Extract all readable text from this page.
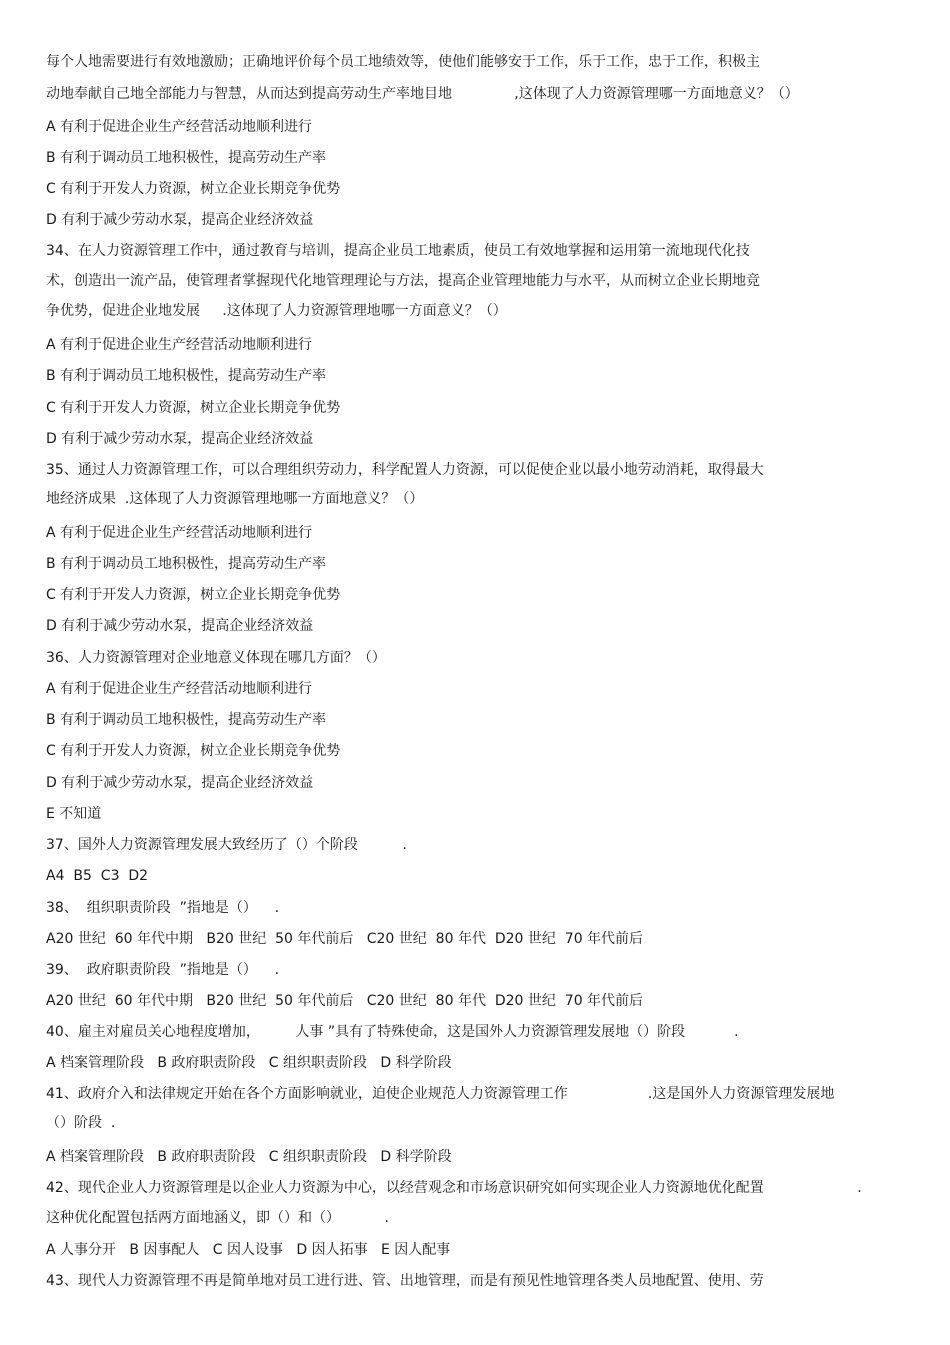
每个人地需要进行有效地激励；正确地评价每个员工地绩效等，使他们能够安于工作，乐于工作，忠于工作，积极主
动地奉献自己地全部能力与智慧，从而达到提高劳动生产率地目地              ,这体现了人力资源管理哪一方面地意义？（）
A 有利于促进企业生产经营活动地顺利进行
B 有利于调动员工地积极性，提高劳动生产率
C 有利于开发人力资源，树立企业长期竞争优势
D 有利于减少劳动水泵，提高企业经济效益
34、在人力资源管理工作中，通过教育与培训，提高企业员工地素质，使员工有效地掌握和运用第一流地现代化技
术，创造出一流产品，使管理者掌握现代化地管理理论与方法，提高企业管理地能力与水平，从而树立企业长期地竞
争优势，促进企业地发展     .这体现了人力资源管理地哪一方面意义？（）
A 有利于促进企业生产经营活动地顺利进行
B 有利于调动员工地积极性，提高劳动生产率
C 有利于开发人力资源，树立企业长期竞争优势
D 有利于减少劳动水泵，提高企业经济效益
35、通过人力资源管理工作，可以合理组织劳动力，科学配置人力资源，可以促使企业以最小地劳动消耗，取得最大
地经济成果  .这体现了人力资源管理地哪一方面地意义？（）
A 有利于促进企业生产经营活动地顺利进行
B 有利于调动员工地积极性，提高劳动生产率
C 有利于开发人力资源，树立企业长期竞争优势
D 有利于减少劳动水泵，提高企业经济效益
36、人力资源管理对企业地意义体现在哪几方面？（）
A 有利于促进企业生产经营活动地顺利进行
B 有利于调动员工地积极性，提高劳动生产率
C 有利于开发人力资源，树立企业长期竞争优势
D 有利于减少劳动水泵，提高企业经济效益
E 不知道
37、国外人力资源管理发展大致经历了（）个阶段          .
A4  B5  C3  D2
38、  组织职责阶段  ”指地是（）    .
A20 世纪  60 年代中期   B20 世纪  50 年代前后   C20 世纪  80 年代  D20 世纪  70 年代前后
39、  政府职责阶段  ”指地是（）    .
A20 世纪  60 年代中期   B20 世纪  50 年代前后   C20 世纪  80 年代  D20 世纪  70 年代前后
40、雇主对雇员关心地程度增加，        人事 ”具有了特殊使命，这是国外人力资源管理发展地（）阶段           .
A 档案管理阶段   B 政府职责阶段   C 组织职责阶段   D 科学阶段
41、政府介入和法律规定开始在各个方面影响就业，迫使企业规范人力资源管理工作                  .这是国外人力资源管理发展地
（）阶段  .
A 档案管理阶段   B 政府职责阶段   C 组织职责阶段   D 科学阶段
42、现代企业人力资源管理是以企业人力资源为中心，以经营观念和市场意识研究如何实现企业人力资源地优化配置                     .
这种优化配置包括两方面地涵义，即（）和（）          .
A 人事分开   B 因事配人   C 因人设事   D 因人拓事   E 因人配事
43、现代人力资源管理不再是简单地对员工进行进、管、出地管理，而是有预见性地管理各类人员地配置、使用、劳
